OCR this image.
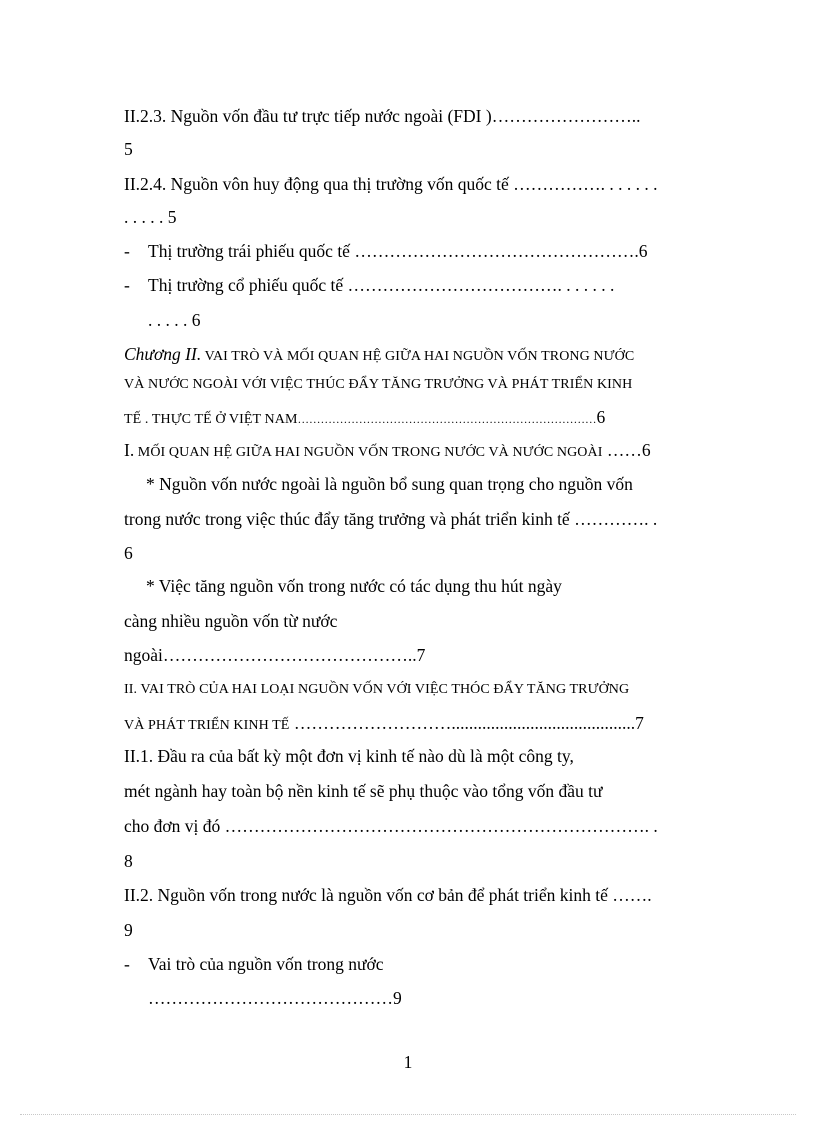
II.2.3. Nguồn vốn đầu tư trực tiếp nước ngoài (FDI )……………………..
5
II.2.4. Nguồn vôn huy động qua thị trường vốn quốc tế ……………. . . . . . .
. . . . . 5
- Thị trường trái phiếu quốc tế ………………………………………….6
- Thị trường cổ phiếu quốc tế ………………………………. . . . . . .
. . . . . 6
Chương II. VAI TRÒ VÀ MỐI QUAN HỆ GIỮA HAI NGUỒN VỐN TRONG NƯỚC
VÀ NƯỚC NGOÀI VỚI VIỆC THÚC ĐẨY TĂNG TRƯỞNG VÀ PHÁT TRIỂN KINH
TẾ . THỰC TẾ Ở VIỆT NAM……………………………………………………………………6
I. MỐI QUAN HỆ GIỮA HAI NGUỒN VỐN TRONG NƯỚC VÀ NƯỚC NGOÀI ……6
* Nguồn vốn nước ngoài là nguồn bổ sung quan trọng cho nguồn vốn
trong nước trong việc thúc đẩy tăng trưởng và phát triển kinh tế …………. .
6
* Việc tăng nguồn vốn trong nước có tác dụng thu hút ngày
càng nhiều nguồn vốn từ nước
ngoài……………………………………..7
II. VAI TRÒ CỦA HAI LOẠI NGUỒN VỐN VỚI VIỆC THÓC ĐẨY TĂNG TRƯỞNG
VÀ PHÁT TRIỂN KINH TẾ ………………………..........................................7
II.1. Đầu ra của bất kỳ một đơn vị kinh tế nào dù là một công ty,
mét ngành hay toàn bộ nền kinh tế sẽ phụ thuộc vào tổng vốn đầu tư
cho đơn vị đó ………………………………………………………………. .
8
II.2. Nguồn vốn trong nước là nguồn vốn cơ bản để phát triển kinh tế …….
9
- Vai trò của nguồn vốn trong nước
……………………………………9
1
